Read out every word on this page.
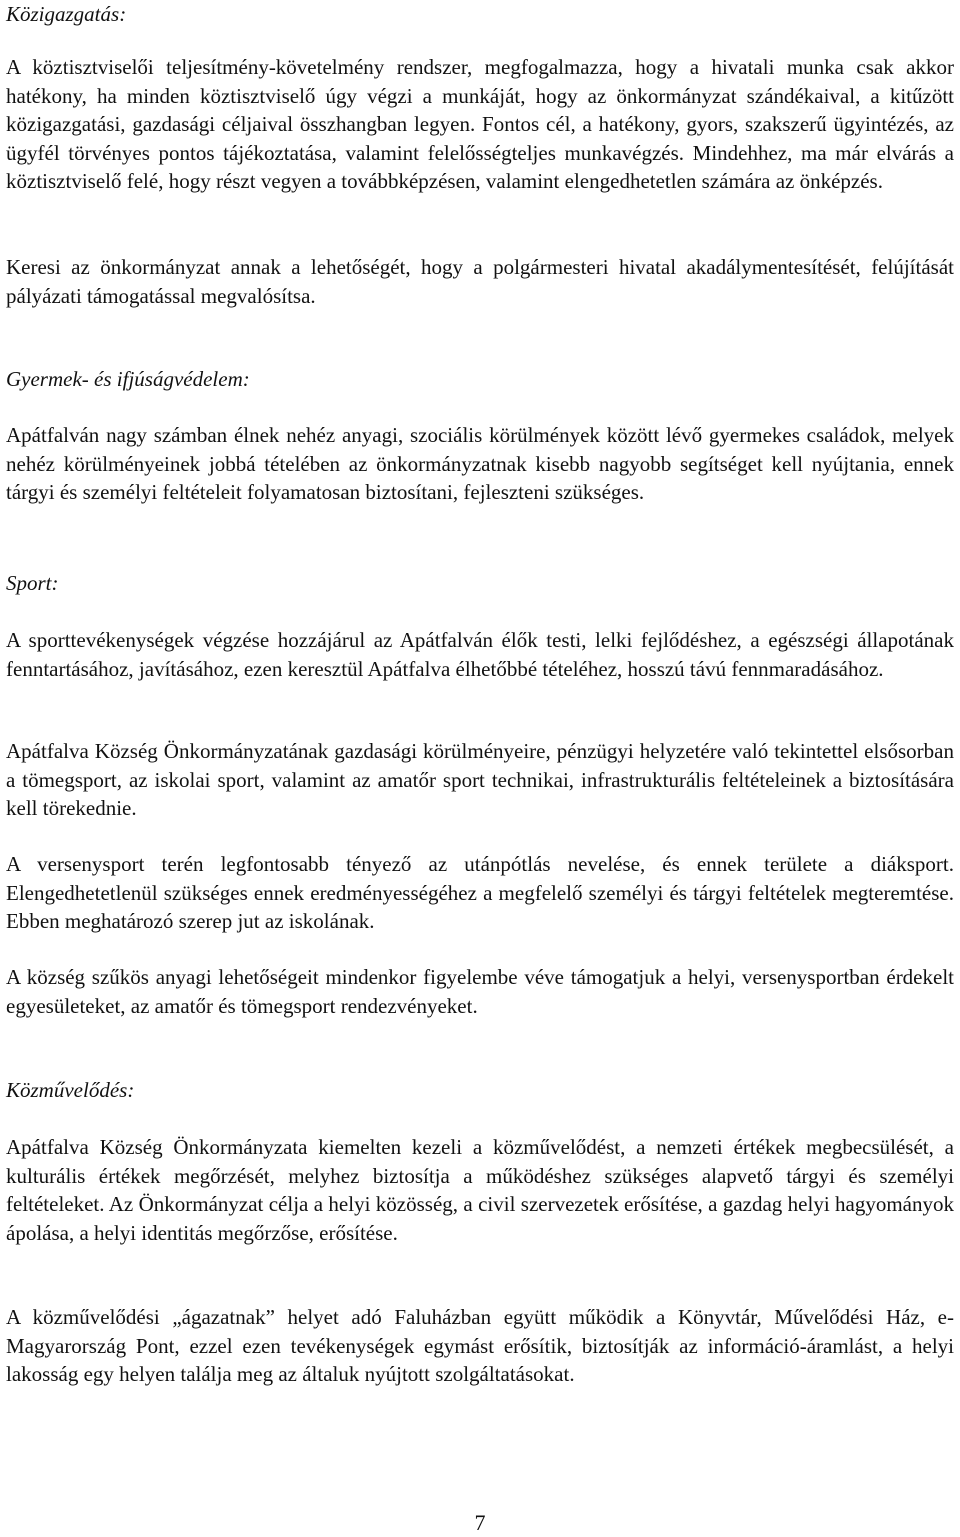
Közigazgatás:

A köztisztviselői teljesítmény-követelmény rendszer, megfogalmazza, hogy a hivatali munka csak akkor hatékony, ha minden köztisztviselő úgy végzi a munkáját, hogy az önkormányzat szándékaival, a kitűzött közigazgatási, gazdasági céljaival összhangban legyen. Fontos cél, a hatékony, gyors, szakszerű ügyintézés, az ügyfél törvényes pontos tájékoztatása, valamint felelősségteljes munkavégzés. Mindehhez, ma már elvárás a köztisztviselő felé, hogy részt vegyen a továbbképzésen, valamint elengedhetetlen számára az önképzés.

Keresi az önkormányzat annak a lehetőségét, hogy a polgármesteri hivatal akadálymentesítését, felújítását pályázati támogatással megvalósítsa.

Gyermek- és ifjúságvédelem:

Apátfalván nagy számban élnek nehéz anyagi, szociális körülmények között lévő gyermekes családok, melyek nehéz körülményeinek jobbá tételében az önkormányzatnak kisebb nagyobb segítséget kell nyújtania, ennek tárgyi és személyi feltételeit folyamatosan biztosítani, fejleszteni szükséges.

Sport:

A sporttevékenységek végzése hozzájárul az Apátfalván élők testi, lelki fejlődéshez, a egészségi állapotának fenntartásához, javításához, ezen keresztül Apátfalva élhetőbbé tételéhez, hosszú távú fennmaradásához.

Apátfalva Község Önkormányzatának gazdasági körülményeire, pénzügyi helyzetére való tekintettel elsősorban a tömegsport, az iskolai sport, valamint az amatőr sport technikai, infrastrukturális feltételeinek a biztosítására kell törekednie.

A versenysport terén legfontosabb tényező az utánpótlás nevelése, és ennek területe a diáksport. Elengedhetetlenül szükséges ennek eredményességéhez a megfelelő személyi és tárgyi feltételek megteremtése. Ebben meghatározó szerep jut az iskolának.

A község szűkös anyagi lehetőségeit mindenkor figyelembe véve támogatjuk a helyi, versenysportban érdekelt egyesületeket, az amatőr és tömegsport rendezvényeket.

Közművelődés:

Apátfalva Község Önkormányzata kiemelten kezeli a közművelődést, a nemzeti értékek megbecsülését, a kulturális értékek megőrzését, melyhez biztosítja a működéshez szükséges alapvető tárgyi és személyi feltételeket. Az Önkormányzat célja a helyi közösség, a civil szervezetek erősítése, a gazdag helyi hagyományok ápolása, a helyi identitás megőrzőse, erősítése.

A közművelődési „ágazatnak” helyet adó Faluházban együtt működik a Könyvtár, Művelődési Ház, e-Magyarország Pont, ezzel ezen tevékenységek egymást erősítik, biztosítják az információ-áramlást, a helyi lakosság egy helyen találja meg az általuk nyújtott szolgáltatásokat.

7
